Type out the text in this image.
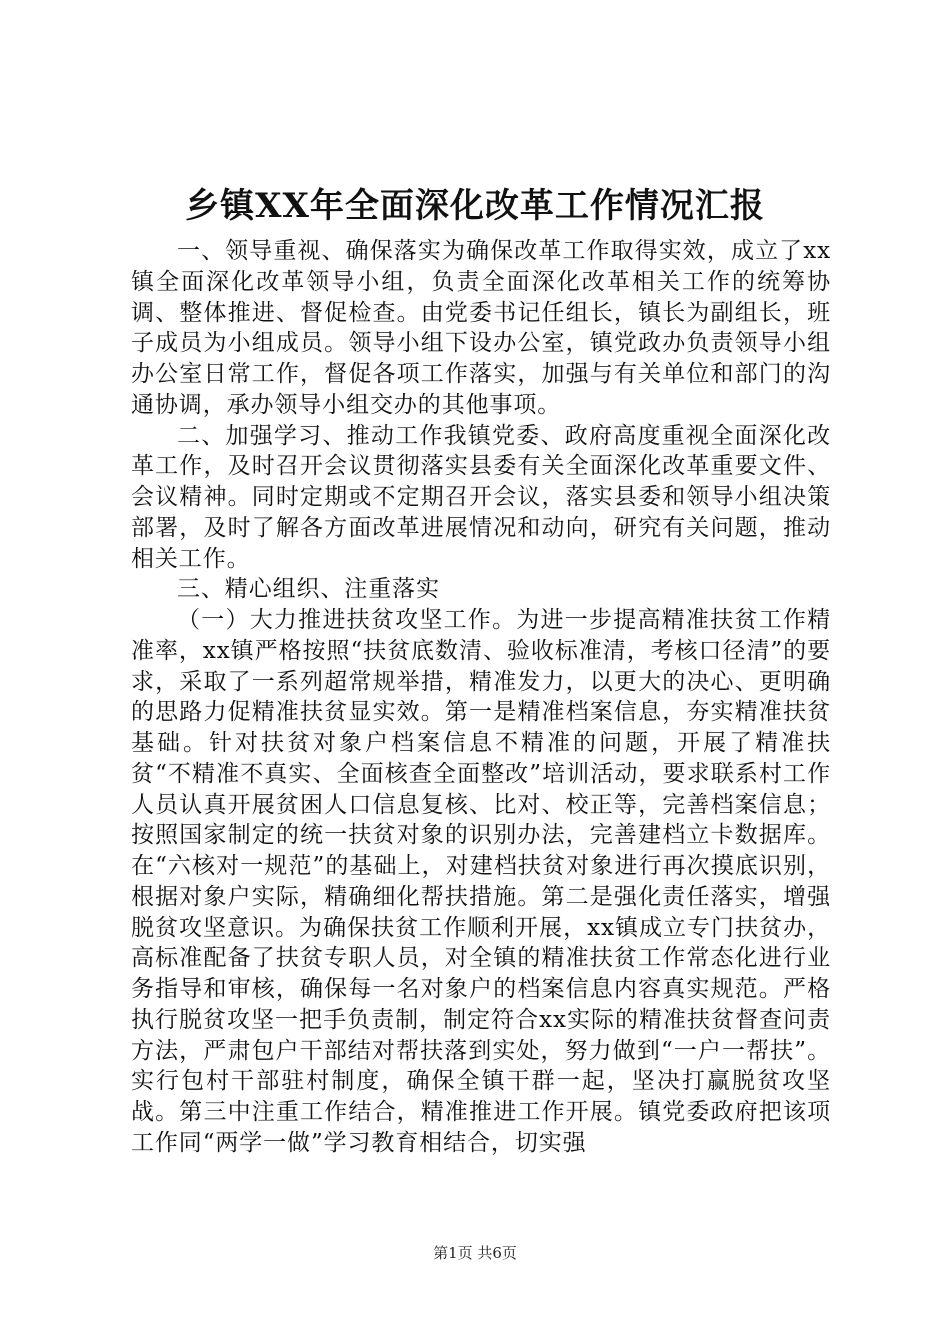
乡镇XX年全面深化改革工作情况汇报

一、领导重视、确保落实为确保改革工作取得实效，成立了xx镇全面深化改革领导小组，负责全面深化改革相关工作的统筹协调、整体推进、督促检查。由党委书记任组长，镇长为副组长，班子成员为小组成员。领导小组下设办公室，镇党政办负责领导小组办公室日常工作，督促各项工作落实，加强与有关单位和部门的沟通协调，承办领导小组交办的其他事项。

二、加强学习、推动工作我镇党委、政府高度重视全面深化改革工作，及时召开会议贯彻落实县委有关全面深化改革重要文件、会议精神。同时定期或不定期召开会议，落实县委和领导小组决策部署，及时了解各方面改革进展情况和动向，研究有关问题，推动相关工作。

三、精心组织、注重落实

（一）大力推进扶贫攻坚工作。为进一步提高精准扶贫工作精准率，xx镇严格按照“扶贫底数清、验收标准清，考核口径清”的要求，采取了一系列超常规举措，精准发力，以更大的决心、更明确的思路力促精准扶贫显实效。第一是精准档案信息，夯实精准扶贫基础。针对扶贫对象户档案信息不精准的问题，开展了精准扶贫“不精准不真实、全面核查全面整改”培训活动，要求联系村工作人员认真开展贫困人口信息复核、比对、校正等，完善档案信息；按照国家制定的统一扶贫对象的识别办法，完善建档立卡数据库。在“六核对一规范”的基础上，对建档扶贫对象进行再次摸底识别，根据对象户实际，精确细化帮扶措施。第二是强化责任落实，增强脱贫攻坚意识。为确保扶贫工作顺利开展，xx镇成立专门扶贫办，高标准配备了扶贫专职人员，对全镇的精准扶贫工作常态化进行业务指导和审核，确保每一名对象户的档案信息内容真实规范。严格执行脱贫攻坚一把手负责制，制定符合xx实际的精准扶贫督查问责方法，严肃包户干部结对帮扶落到实处，努力做到“一户一帮扶”。实行包村干部驻村制度，确保全镇干群一起，坚决打赢脱贫攻坚战。第三中注重工作结合，精准推进工作开展。镇党委政府把该项工作同“两学一做”学习教育相结合，切实强

第1页 共6页
